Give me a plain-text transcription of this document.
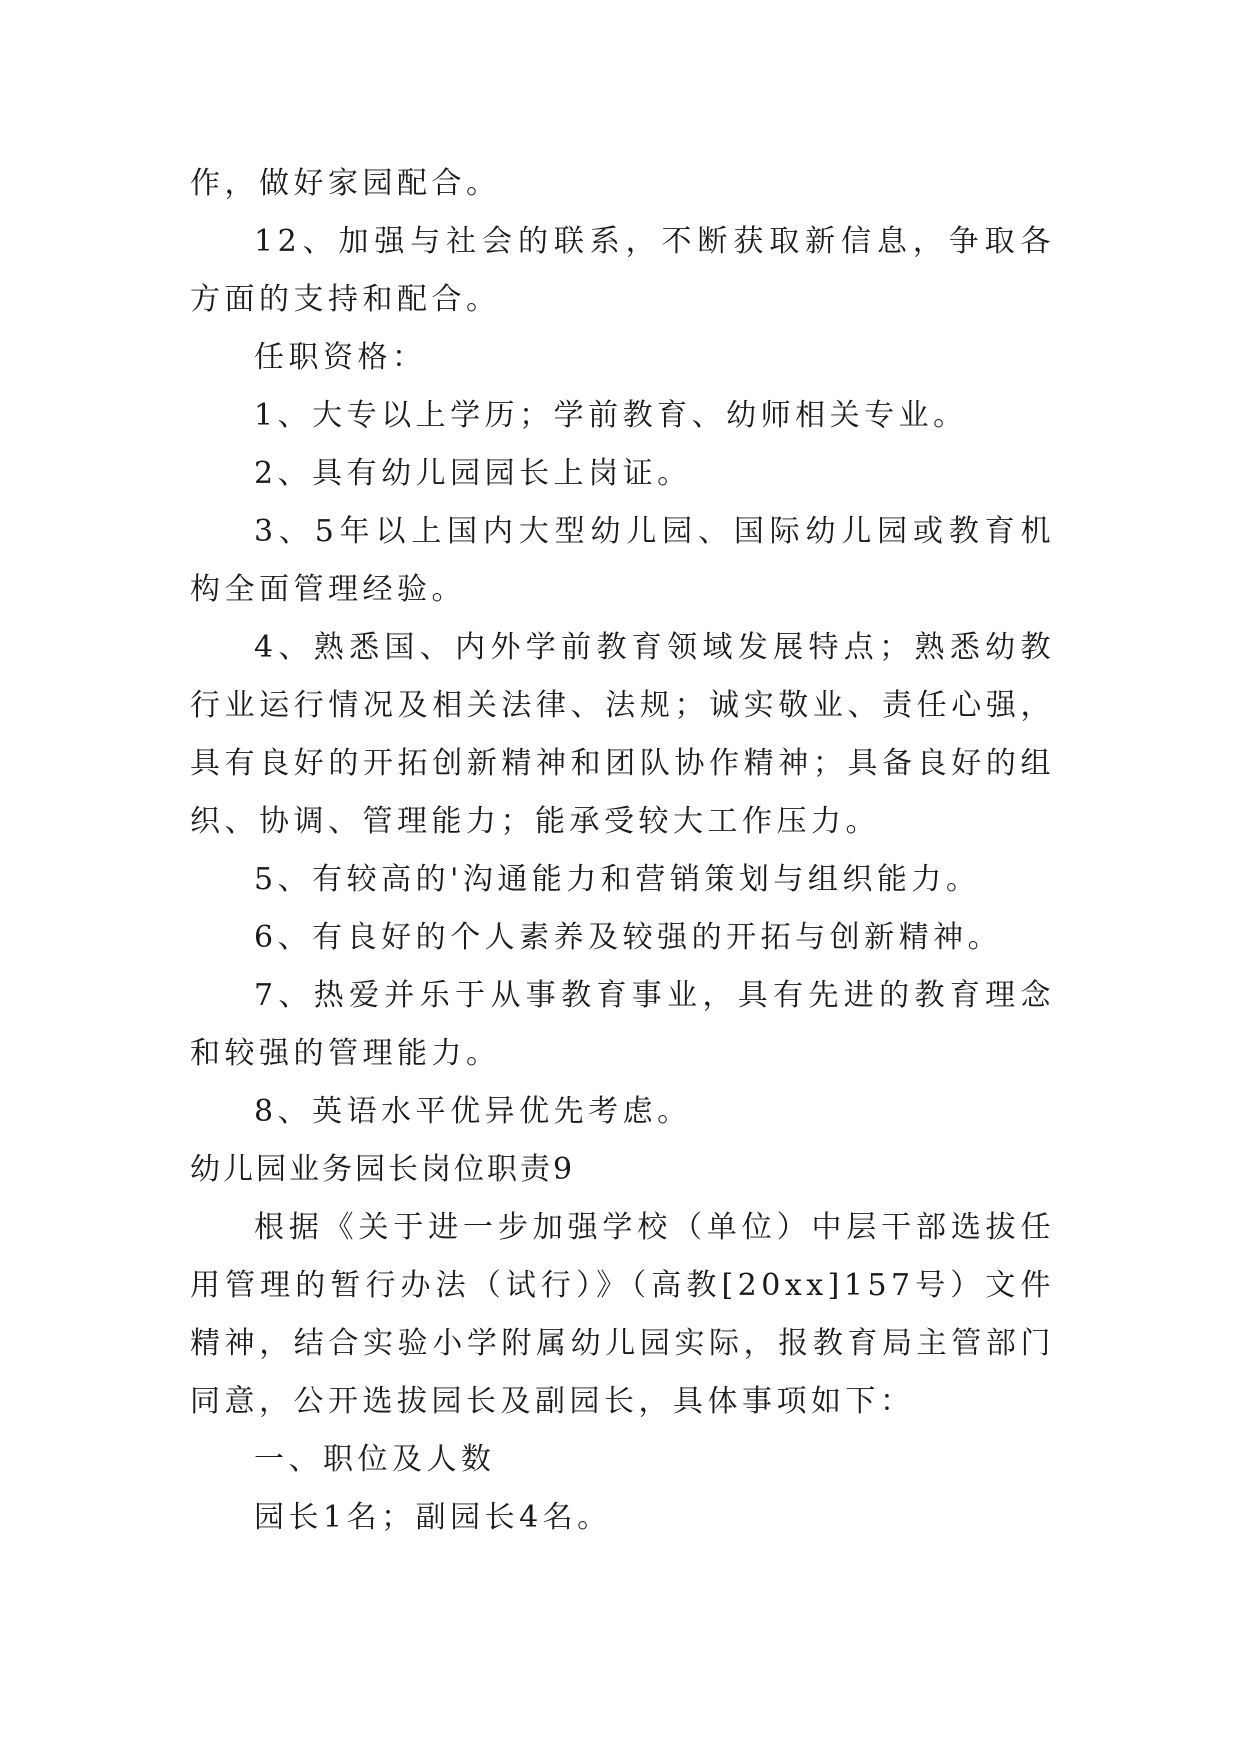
作，做好家园配合。

12、加强与社会的联系，不断获取新信息，争取各方面的支持和配合。

任职资格：

1、大专以上学历；学前教育、幼师相关专业。

2、具有幼儿园园长上岗证。

3、5年以上国内大型幼儿园、国际幼儿园或教育机构全面管理经验。

4、熟悉国、内外学前教育领域发展特点；熟悉幼教行业运行情况及相关法律、法规；诚实敬业、责任心强，具有良好的开拓创新精神和团队协作精神；具备良好的组织、协调、管理能力；能承受较大工作压力。

5、有较高的'沟通能力和营销策划与组织能力。

6、有良好的个人素养及较强的开拓与创新精神。

7、热爱并乐于从事教育事业，具有先进的教育理念和较强的管理能力。

8、英语水平优异优先考虑。

幼儿园业务园长岗位职责9

根据《关于进一步加强学校（单位）中层干部选拔任用管理的暂行办法（试行）》（高教[20xx]157号）文件精神，结合实验小学附属幼儿园实际，报教育局主管部门同意，公开选拔园长及副园长，具体事项如下：

一、职位及人数

园长1名；副园长4名。
